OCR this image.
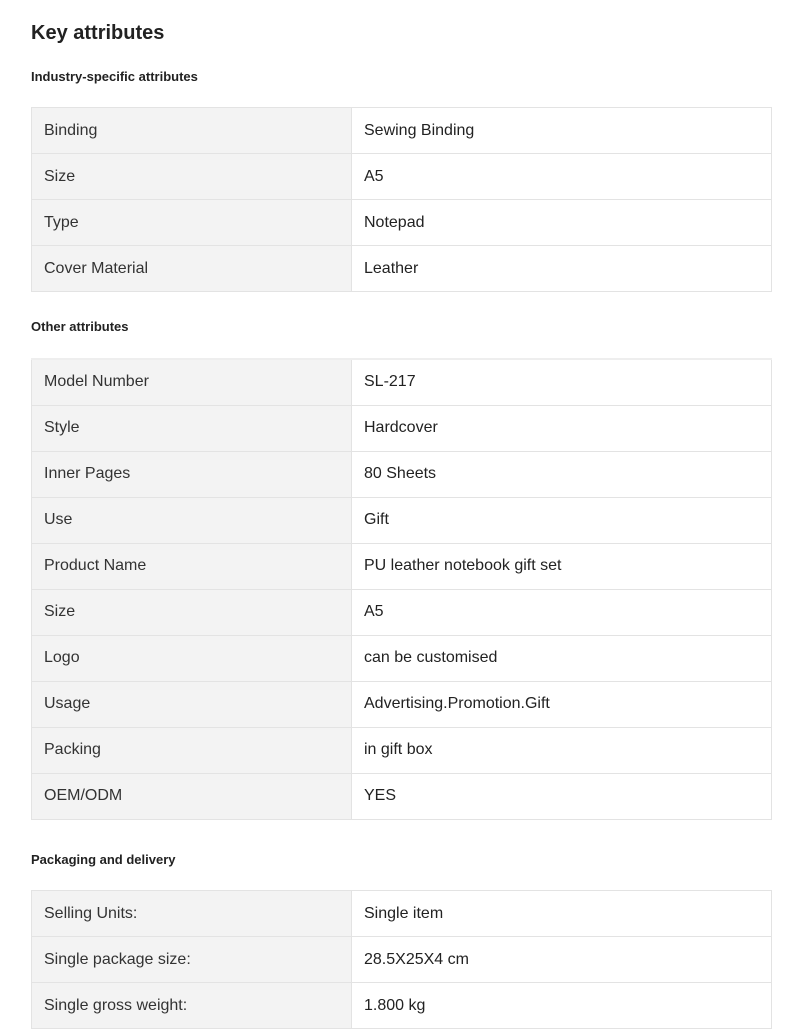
Key attributes
Industry-specific attributes
Binding	Sewing Binding
Size	A5
Type	Notepad
Cover Material	Leather
Other attributes
Model Number	SL-217
Style	Hardcover
Inner Pages	80 Sheets
Use	Gift
Product Name	PU leather notebook gift set
Size	A5
Logo	can be customised
Usage	Advertising.Promotion.Gift
Packing	in gift box
OEM/ODM	YES
Packaging and delivery
Selling Units:	Single item
Single package size:	28.5X25X4 cm
Single gross weight:	1.800 kg
